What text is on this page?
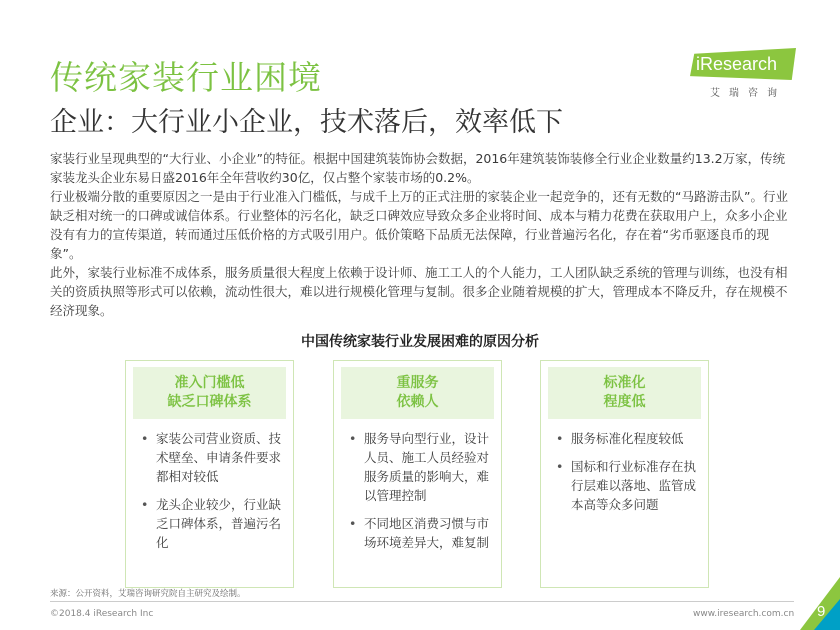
传统家装行业困境
企业：大行业小企业，技术落后，效率低下
iResearch
艾瑞咨询

家装行业呈现典型的“大行业、小企业”的特征。根据中国建筑装饰协会数据，2016年建筑装饰装修全行业企业数量约13.2万家，传统家装龙头企业东易日盛2016年全年营收约30亿，仅占整个家装市场的0.2%。

行业极端分散的重要原因之一是由于行业准入门槛低，与成千上万的正式注册的家装企业一起竞争的，还有无数的“马路游击队”。行业缺乏相对统一的口碑或诚信体系。行业整体的污名化，缺乏口碑效应导致众多企业将时间、成本与精力花费在获取用户上，众多小企业没有有力的宣传渠道，转而通过压低价格的方式吸引用户。低价策略下品质无法保障，行业普遍污名化，存在着“劣币驱逐良币的现象”。

此外，家装行业标准不成体系，服务质量很大程度上依赖于设计师、施工工人的个人能力，工人团队缺乏系统的管理与训练，也没有相关的资质执照等形式可以依赖，流动性很大，难以进行规模化管理与复制。很多企业随着规模的扩大，管理成本不降反升，存在规模不经济现象。

中国传统家装行业发展困难的原因分析
准入门槛低
缺乏口碑体系
• 家装公司营业资质、技术壁垒、申请条件要求都相对较低
• 龙头企业较少，行业缺乏口碑体系，普遍污名化
重服务
依赖人
• 服务导向型行业，设计人员、施工人员经验对服务质量的影响大，难以管理控制
• 不同地区消费习惯与市场环境差异大，难复制
标准化
程度低
• 服务标准化程度较低
• 国标和行业标准存在执行层难以落地、监管成本高等众多问题
来源：公开资料，艾瑞咨询研究院自主研究及绘制。
©2018.4 iResearch Inc	www.iresearch.com.cn 9
